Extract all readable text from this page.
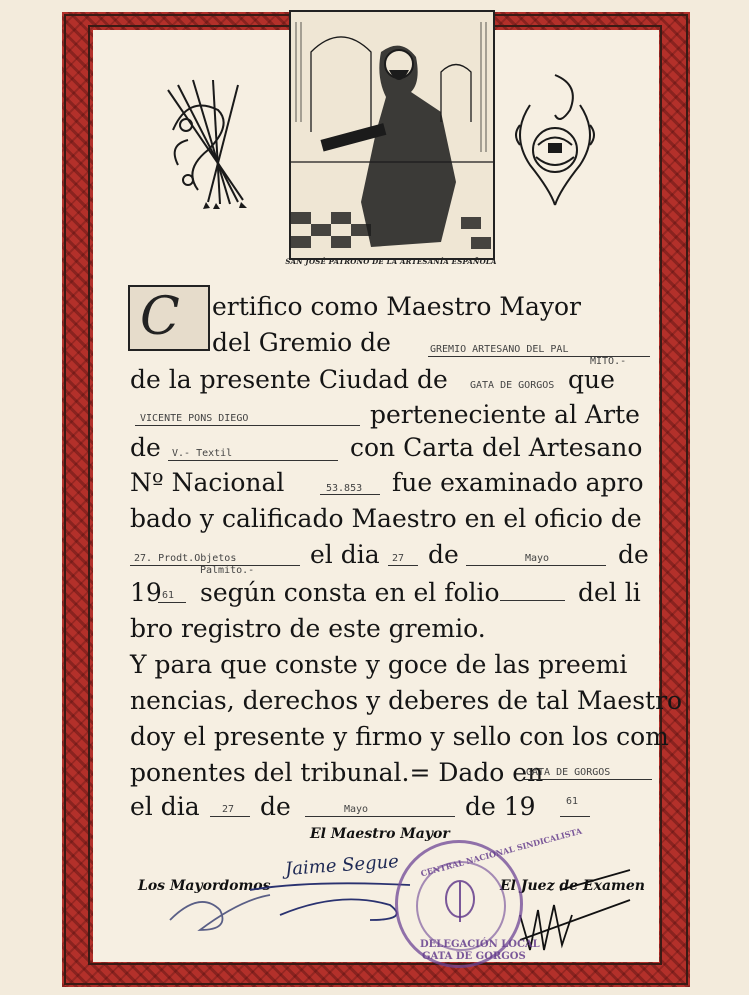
SAN JOSÉ PATRONO DE LA ARTESANÍA ESPAÑOLA
C ertifico como Maestro Mayor
del Gremio de	GREMIO ARTESANO DEL PAL
MITO.-
de la presente Ciudad de GATA DE GORGOS que
VICENTE PONS DIEGO	perteneciente al Arte
de V.- Textil	con Carta del Artesano
Nº Nacional	53.853 fue examinado apro
bado y calificado Maestro en el oficio de
27. Prodt.Objetos
Palmito.-
el dia 27 de	Mayo	de
19 61 según consta en el folio	del li
bro registro de este gremio.
Y para que conste y goce de las preemi
nencias, derechos y deberes de tal Maestro
doy el presente y firmo y sello con los com
ponentes del tribunal.= Dado en
GATA DE GORGOS
el dia 27 de	Mayo	de 19	61
El Maestro Mayor
Los Mayordomos	El Juez de Examen
Jaime Segue	CENTRAL NACIONAL SINDICALISTA
DELEGACIÓN LOCAL
GATA DE GORGOS
